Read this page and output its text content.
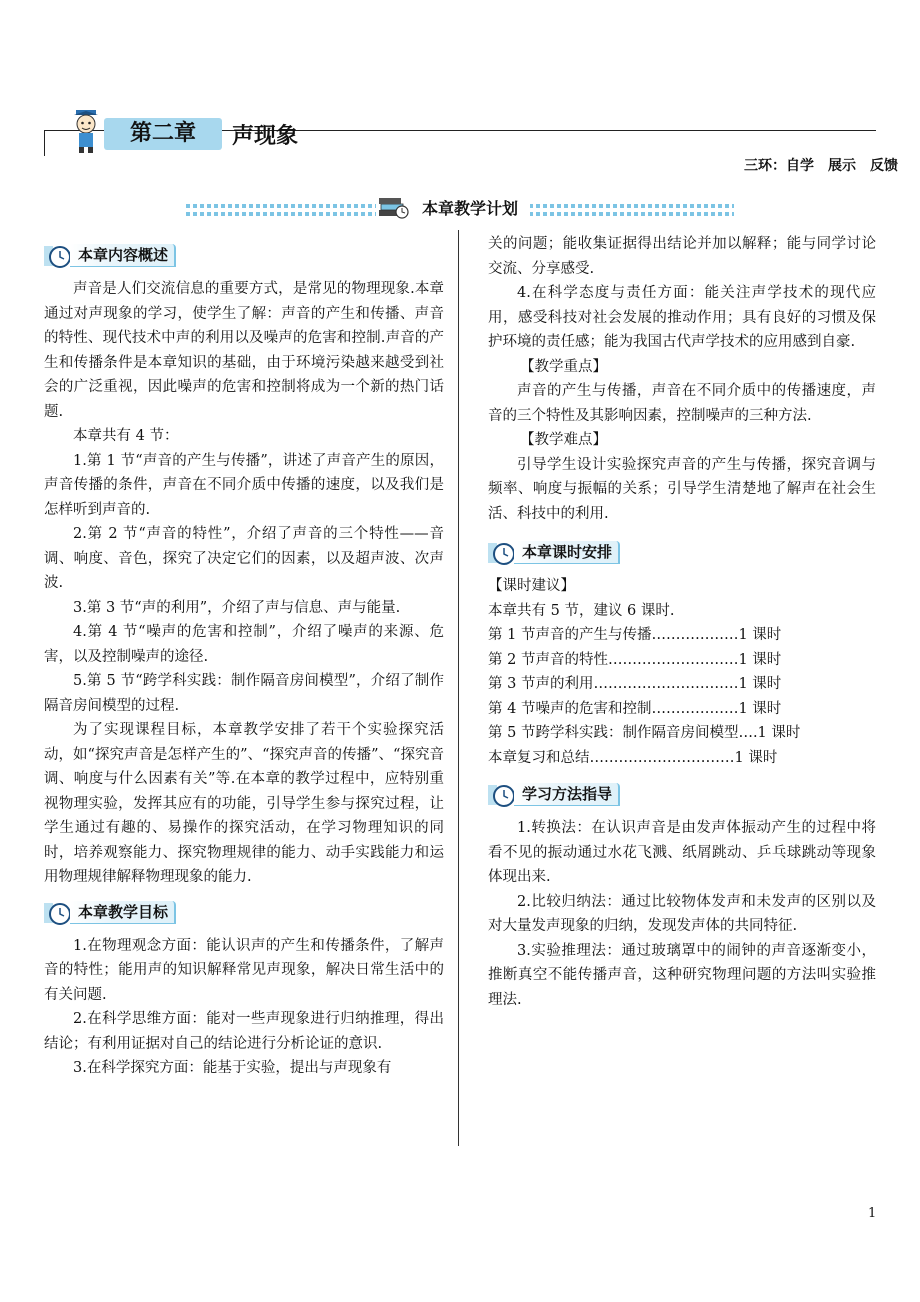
第二章	声现象
三环：自学　展示　反馈
本章教学计划
本章内容概述

声音是人们交流信息的重要方式，是常见的物理现象.本章通过对声现象的学习，使学生了解：声音的产生和传播、声音的特性、现代技术中声的利用以及噪声的危害和控制.声音的产生和传播条件是本章知识的基础，由于环境污染越来越受到社会的广泛重视，因此噪声的危害和控制将成为一个新的热门话题.

本章共有 4 节：

1.第 1 节“声音的产生与传播”，讲述了声音产生的原因，声音传播的条件，声音在不同介质中传播的速度，以及我们是怎样听到声音的.

2.第 2 节“声音的特性”，介绍了声音的三个特性——音调、响度、音色，探究了决定它们的因素，以及超声波、次声波.

3.第 3 节“声的利用”，介绍了声与信息、声与能量.

4.第 4 节“噪声的危害和控制”，介绍了噪声的来源、危害，以及控制噪声的途径.

5.第 5 节“跨学科实践：制作隔音房间模型”，介绍了制作隔音房间模型的过程.

为了实现课程目标，本章教学安排了若干个实验探究活动，如“探究声音是怎样产生的”、“探究声音的传播”、“探究音调、响度与什么因素有关”等.在本章的教学过程中，应特别重视物理实验，发挥其应有的功能，引导学生参与探究过程，让学生通过有趣的、易操作的探究活动，在学习物理知识的同时，培养观察能力、探究物理规律的能力、动手实践能力和运用物理规律解释物理现象的能力.

本章教学目标

1.在物理观念方面：能认识声的产生和传播条件，了解声音的特性；能用声的知识解释常见声现象，解决日常生活中的有关问题.

2.在科学思维方面：能对一些声现象进行归纳推理，得出结论；有利用证据对自己的结论进行分析论证的意识.

3.在科学探究方面：能基于实验，提出与声现象有

关的问题；能收集证据得出结论并加以解释；能与同学讨论交流、分享感受.

4.在科学态度与责任方面：能关注声学技术的现代应用，感受科技对社会发展的推动作用；具有良好的习惯及保护环境的责任感；能为我国古代声学技术的应用感到自豪.

【教学重点】

声音的产生与传播，声音在不同介质中的传播速度，声音的三个特性及其影响因素，控制噪声的三种方法.

【教学难点】

引导学生设计实验探究声音的产生与传播，探究音调与频率、响度与振幅的关系；引导学生清楚地了解声在社会生活、科技中的利用.

本章课时安排

【课时建议】

本章共有 5 节，建议 6 课时.

第 1 节声音的产生与传播………………1 课时
第 2 节声音的特性………………………1 课时
第 3 节声的利用…………………………1 课时
第 4 节噪声的危害和控制………………1 课时
第 5 节跨学科实践：制作隔音房间模型….1 课时
本章复习和总结…………………………1 课时
学习方法指导

1.转换法：在认识声音是由发声体振动产生的过程中将看不见的振动通过水花飞溅、纸屑跳动、乒乓球跳动等现象体现出来.

2.比较归纳法：通过比较物体发声和未发声的区别以及对大量发声现象的归纳，发现发声体的共同特征.

3.实验推理法：通过玻璃罩中的闹钟的声音逐渐变小，推断真空不能传播声音，这种研究物理问题的方法叫实验推理法.

1
